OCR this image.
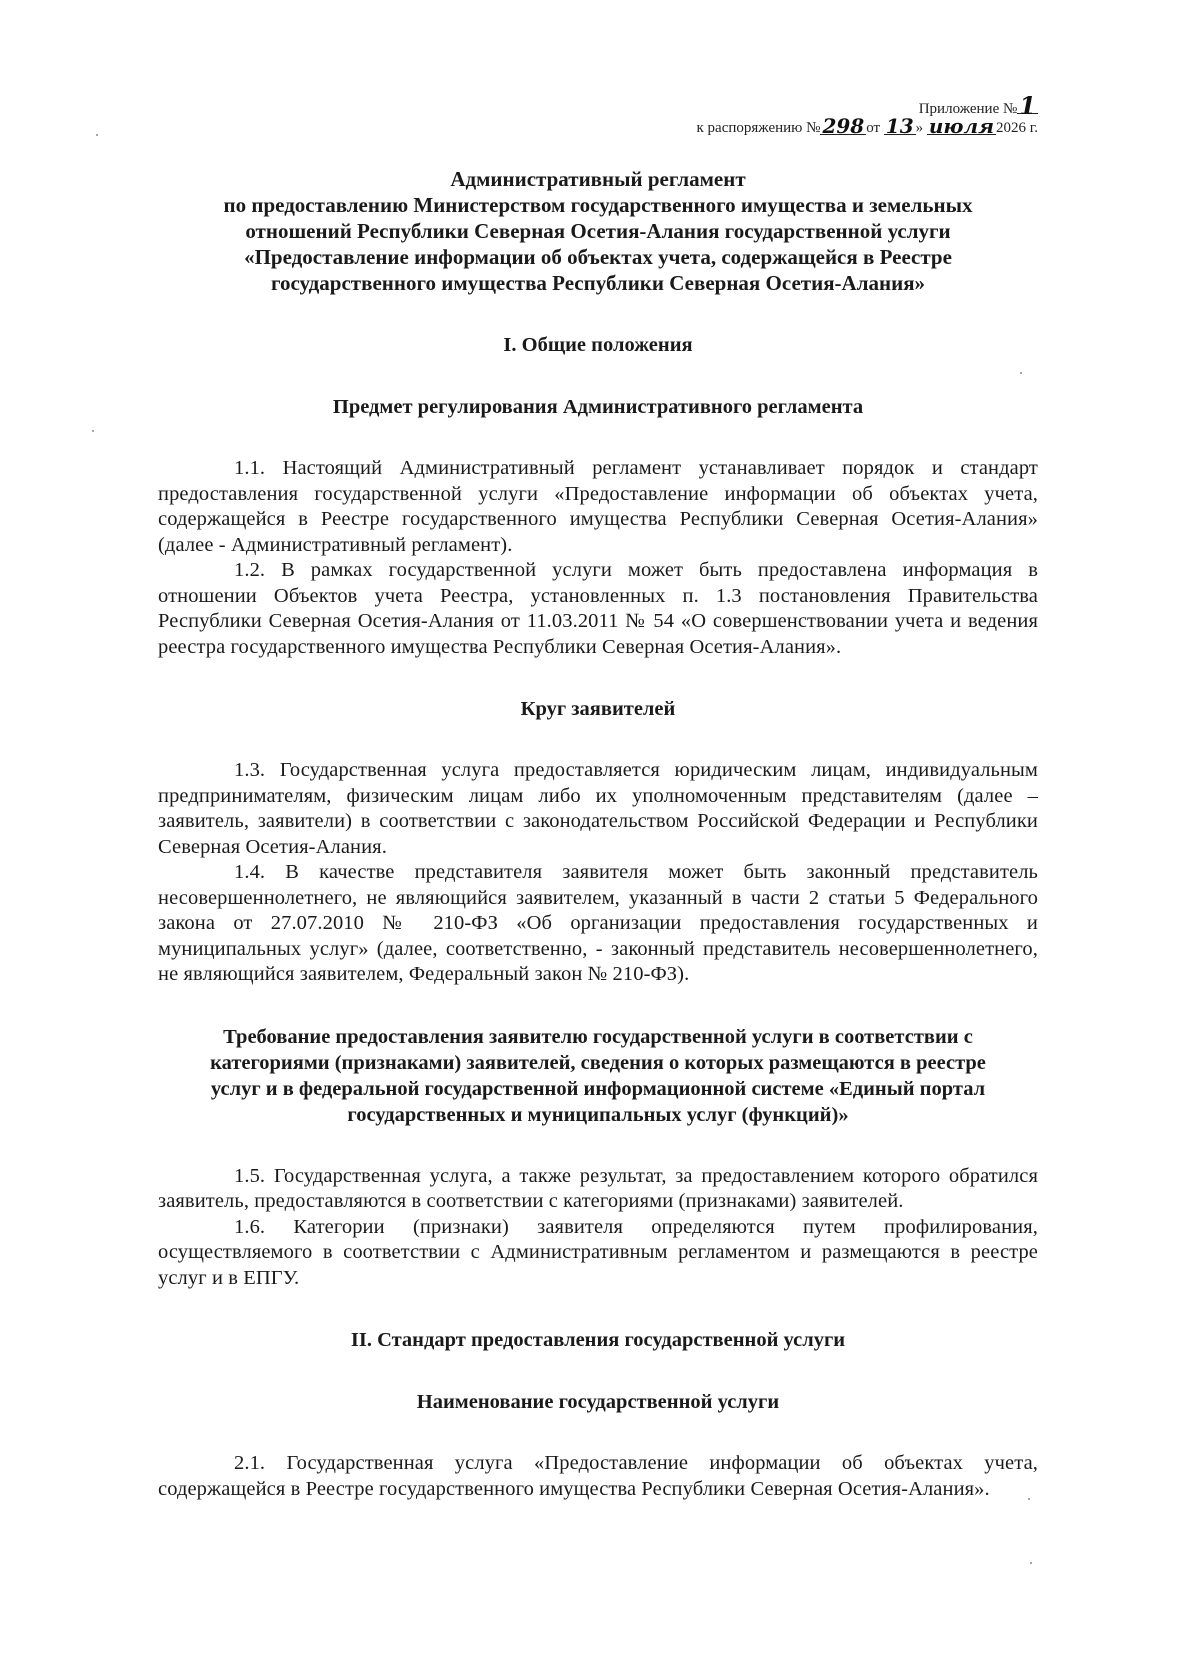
Приложение №1
к распоряжению № 298 от 13 » июля 2026 г.

Административный регламент

по предоставлению Министерством государственного имущества и земельных

отношений Республики Северная Осетия-Алания государственной услуги

«Предоставление информации об объектах учета, содержащейся в Реестре

государственного имущества Республики Северная Осетия-Алания»

I. Общие положения

Предмет регулирования Административного регламента

1.1. Настоящий Административный регламент устанавливает порядок и стандарт предоставления государственной услуги «Предоставление информации об объектах учета, содержащейся в Реестре государственного имущества Республики Северная Осетия-Алания» (далее - Административный регламент).

1.2. В рамках государственной услуги может быть предоставлена информация в отношении Объектов учета Реестра, установленных п. 1.3 постановления Правительства Республики Северная Осетия-Алания от 11.03.2011 № 54 «О совершенствовании учета и ведения реестра государственного имущества Республики Северная Осетия-Алания».

Круг заявителей

1.3. Государственная услуга предоставляется юридическим лицам, индивидуальным предпринимателям, физическим лицам либо их уполномоченным представителям (далее – заявитель, заявители) в соответствии с законодательством Российской Федерации и Республики Северная Осетия-Алания.

1.4. В качестве представителя заявителя может быть законный представитель несовершеннолетнего, не являющийся заявителем, указанный в части 2 статьи 5 Федерального закона от 27.07.2010 № 210-ФЗ «Об организации предоставления государственных и муниципальных услуг» (далее, соответственно, - законный представитель несовершеннолетнего, не являющийся заявителем, Федеральный закон № 210-ФЗ).

Требование предоставления заявителю государственной услуги в соответствии с

категориями (признаками) заявителей, сведения о которых размещаются в реестре

услуг и в федеральной государственной информационной системе «Единый портал

государственных и муниципальных услуг (функций)»

1.5. Государственная услуга, а также результат, за предоставлением которого обратился заявитель, предоставляются в соответствии с категориями (признаками) заявителей.

1.6. Категории (признаки) заявителя определяются путем профилирования, осуществляемого в соответствии с Административным регламентом и размещаются в реестре услуг и в ЕПГУ.

II. Стандарт предоставления государственной услуги

Наименование государственной услуги

2.1. Государственная услуга «Предоставление информации об объектах учета, содержащейся в Реестре государственного имущества Республики Северная Осетия-Алания».
